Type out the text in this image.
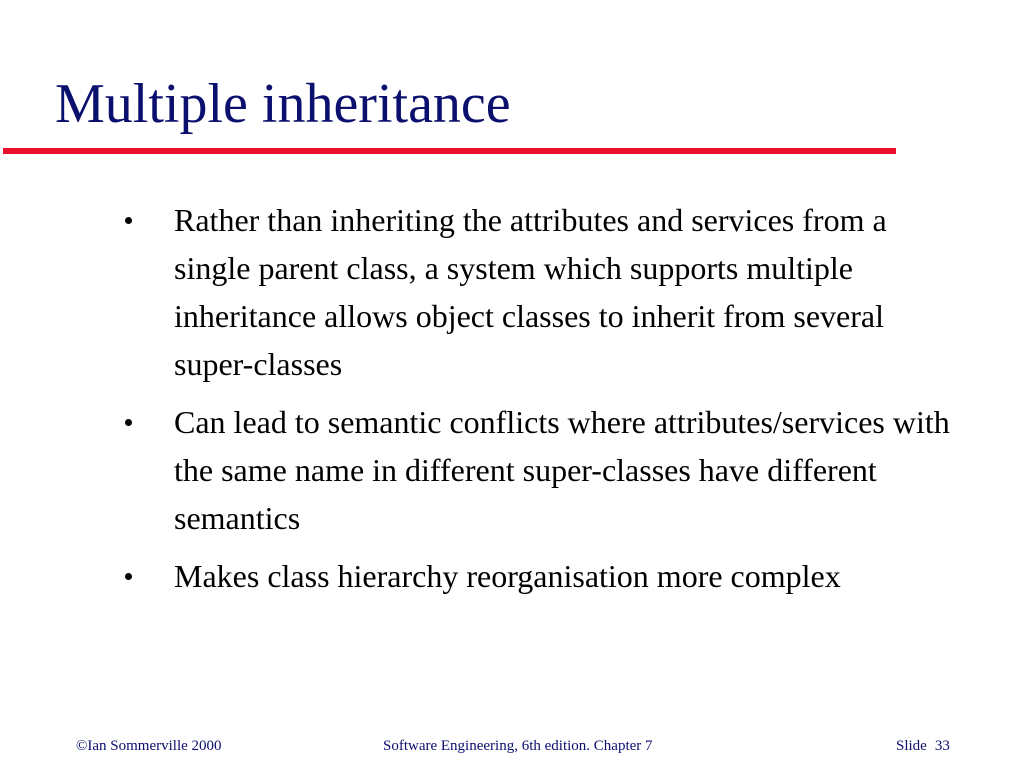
Multiple inheritance
Rather than inheriting the attributes and services from a single parent class, a system which supports multiple inheritance allows object classes to inherit from several super-classes
Can lead to semantic conflicts where attributes/services with the same name in different super-classes have different semantics
Makes class hierarchy reorganisation more complex
©Ian Sommerville 2000	Software Engineering, 6th edition. Chapter 7	Slide 33
